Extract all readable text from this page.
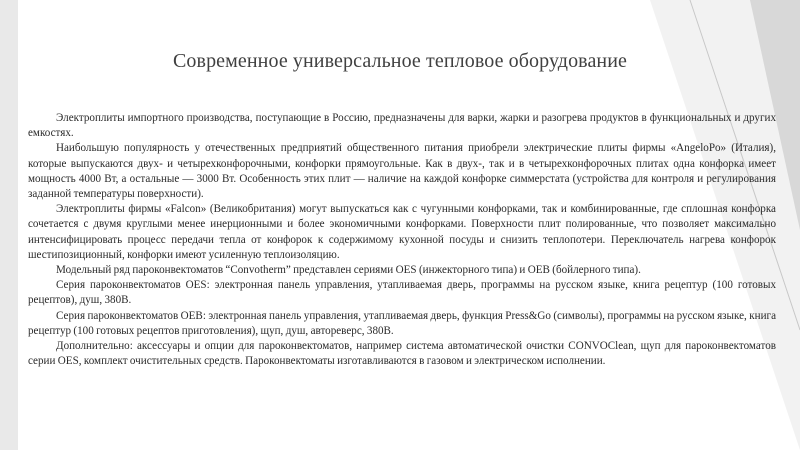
Современное универсальное тепловое оборудование

Электроплиты импортного производства, поступающие в Россию, предназначены для варки, жарки и разогрева продуктов в функциональных и других емкостях.

Наибольшую популярность у отечественных предприятий общественного питания приобрели электрические плиты фирмы «AngeloPo» (Италия), которые выпускаются двух- и четырехконфорочными, конфорки прямоугольные. Как в двух-, так и в четырехконфорочных плитах одна конфорка имеет мощность 4000 Вт, а остальные — 3000 Вт. Особенность этих плит — наличие на каждой конфорке симмерстата (устройства для контроля и регулирования заданной температуры поверхности).

Электроплиты фирмы «Falcon» (Великобритания) могут выпускаться как с чугунными конфорками, так и комбинированные, где сплошная конфорка сочетается с двумя круглыми менее инерционными и более экономичными конфорками. Поверхности плит полированные, что позволяет максимально интенсифицировать процесс передачи тепла от конфорок к содержимому кухонной посуды и снизить теплопотери. Переключатель нагрева конфорок шестипозиционный, конфорки имеют усиленную теплоизоляцию.

Модельный ряд пароконвектоматов “Convotherm” представлен сериями OES (инжекторного типа) и OEB (бойлерного типа).

Серия пароконвектоматов OES: электронная панель управления, утапливаемая дверь, программы на русском языке, книга рецептур (100 готовых рецептов), душ, 380В.

Серия пароконвектоматов OEB: электронная панель управления, утапливаемая дверь, функция Press&Go (символы), программы на русском языке, книга рецептур (100 готовых рецептов приготовления), щуп, душ, автореверс, 380В.

Дополнительно: аксессуары и опции для пароконвектоматов, например система автоматической очистки CONVOClean, щуп для пароконвектоматов серии OES, комплект очистительных средств. Пароконвектоматы изготавливаются в газовом и электрическом исполнении.
